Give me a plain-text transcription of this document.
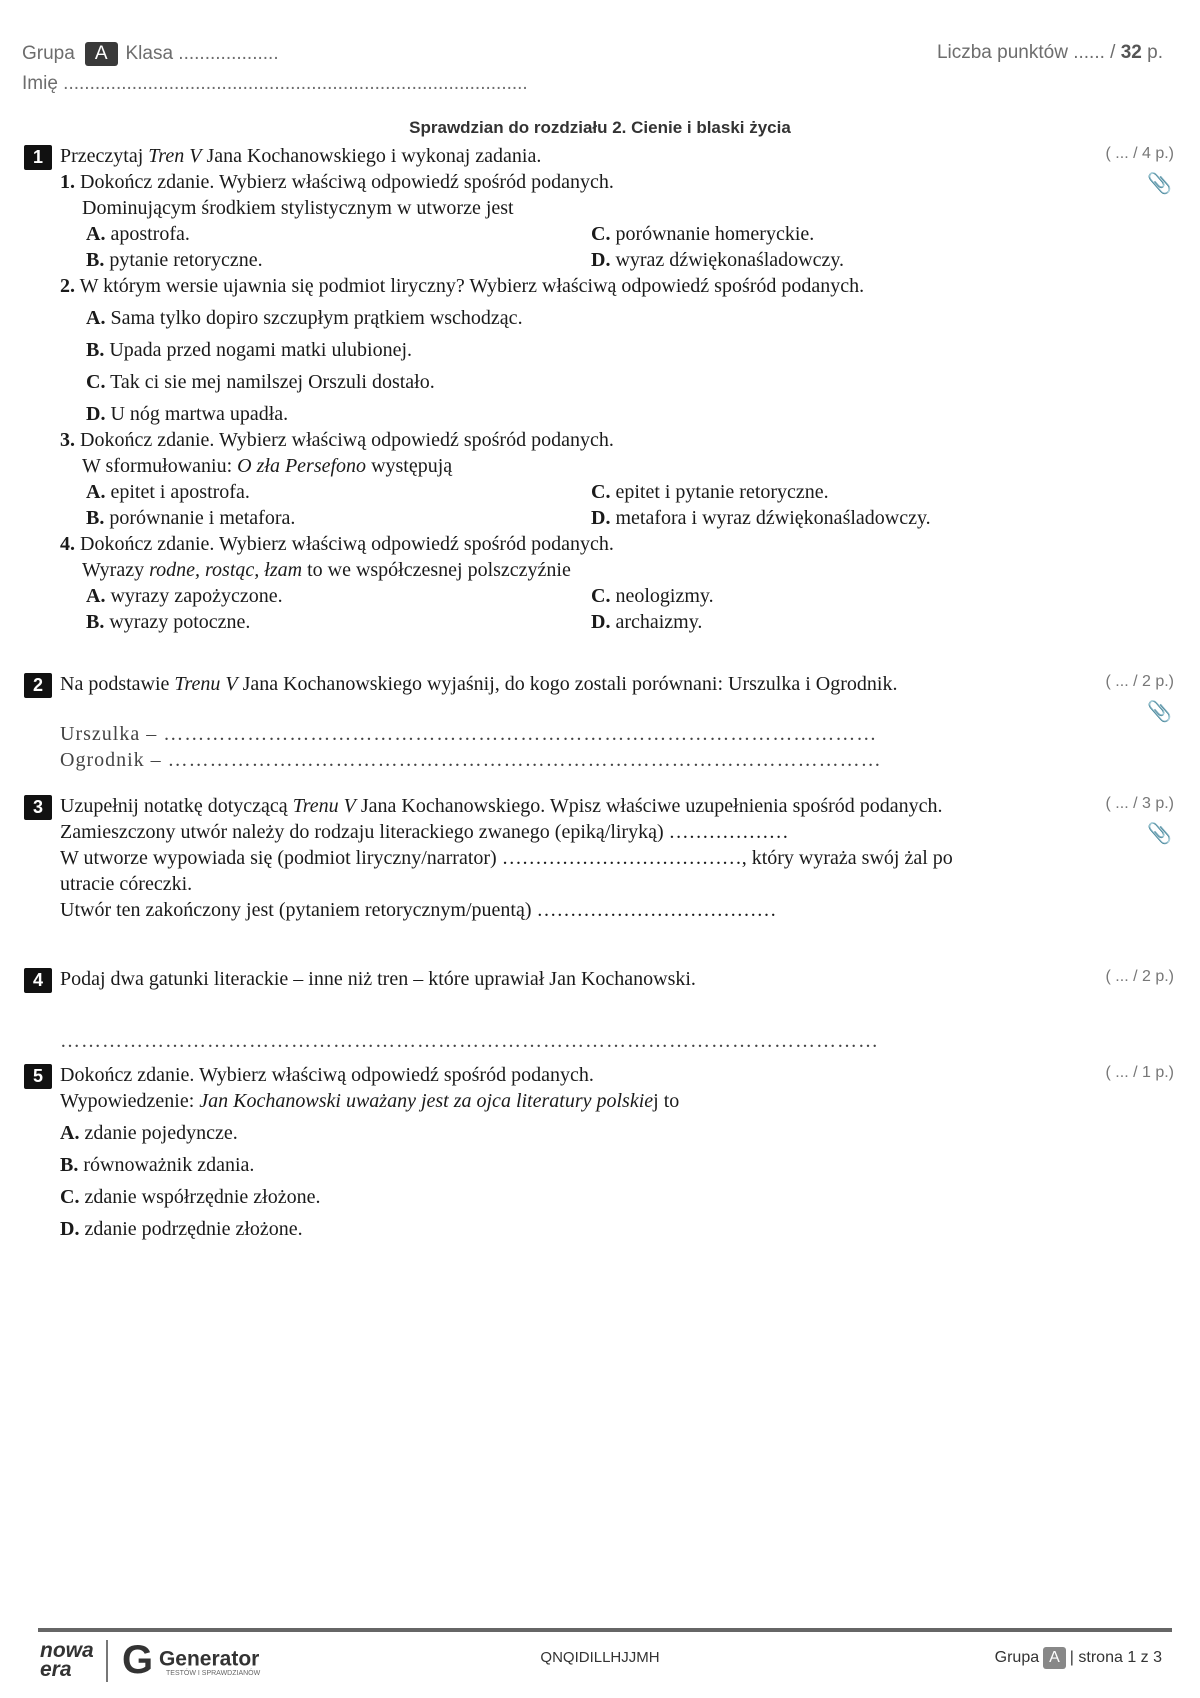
Grupa A Klasa ...................
Imię ........................................................................................
Liczba punktów ...... / 32 p.
Sprawdzian do rozdziału 2. Cienie i blaski życia
1	( ... / 4 p.)
📎
Przeczytaj Tren V Jana Kochanowskiego i wykonaj zadania.
1. Dokończ zdanie. Wybierz właściwą odpowiedź spośród podanych.
Dominującym środkiem stylistycznym w utworze jest
A. apostrofa.	C. porównanie homeryckie.
B. pytanie retoryczne.	D. wyraz dźwiękonaśladowczy.
2. W którym wersie ujawnia się podmiot liryczny? Wybierz właściwą odpowiedź spośród podanych.
A. Sama tylko dopiro szczupłym prątkiem wschodząc.
B. Upada przed nogami matki ulubionej.
C. Tak ci sie mej namilszej Orszuli dostało.
D. U nóg martwa upadła.
3. Dokończ zdanie. Wybierz właściwą odpowiedź spośród podanych.
W sformułowaniu: O zła Persefono występują
A. epitet i apostrofa.	C. epitet i pytanie retoryczne.
B. porównanie i metafora.	D. metafora i wyraz dźwiękonaśladowczy.
4. Dokończ zdanie. Wybierz właściwą odpowiedź spośród podanych.
Wyrazy rodne, rostąc, łzam to we współczesnej polszczyźnie
A. wyrazy zapożyczone.	C. neologizmy.
B. wyrazy potoczne.	D. archaizmy.
2	( ... / 2 p.)
📎
Na podstawie Trenu V Jana Kochanowskiego wyjaśnij, do kogo zostali porównani: Urszulka i Ogrodnik.
Urszulka – …………………………………………………………………………………………
Ogrodnik – …………………………………………………………………………………………
3	( ... / 3 p.)
📎
Uzupełnij notatkę dotyczącą Trenu V Jana Kochanowskiego. Wpisz właściwe uzupełnienia spośród podanych.
Zamieszczony utwór należy do rodzaju literackiego zwanego (epiką/liryką) ………………
W utworze wypowiada się (podmiot liryczny/narrator) ………………………………, który wyraża swój żal po utracie córeczki.
Utwór ten zakończony jest (pytaniem retorycznym/puentą) ………………………………
4	( ... / 2 p.)
Podaj dwa gatunki literackie – inne niż tren – które uprawiał Jan Kochanowski.
………………………………………………………………………………………………………
5	( ... / 1 p.)
Dokończ zdanie. Wybierz właściwą odpowiedź spośród podanych.
Wypowiedzenie: Jan Kochanowski uważany jest za ojca literatury polskiej to
A. zdanie pojedyncze.
B. równoważnik zdania.
C. zdanie współrzędnie złożone.
D. zdanie podrzędnie złożone.
nowa
era	G Generator
TESTÓW I SPRAWDZIANÓW
QNQIDILLHJJMH	Grupa A | strona 1 z 3
